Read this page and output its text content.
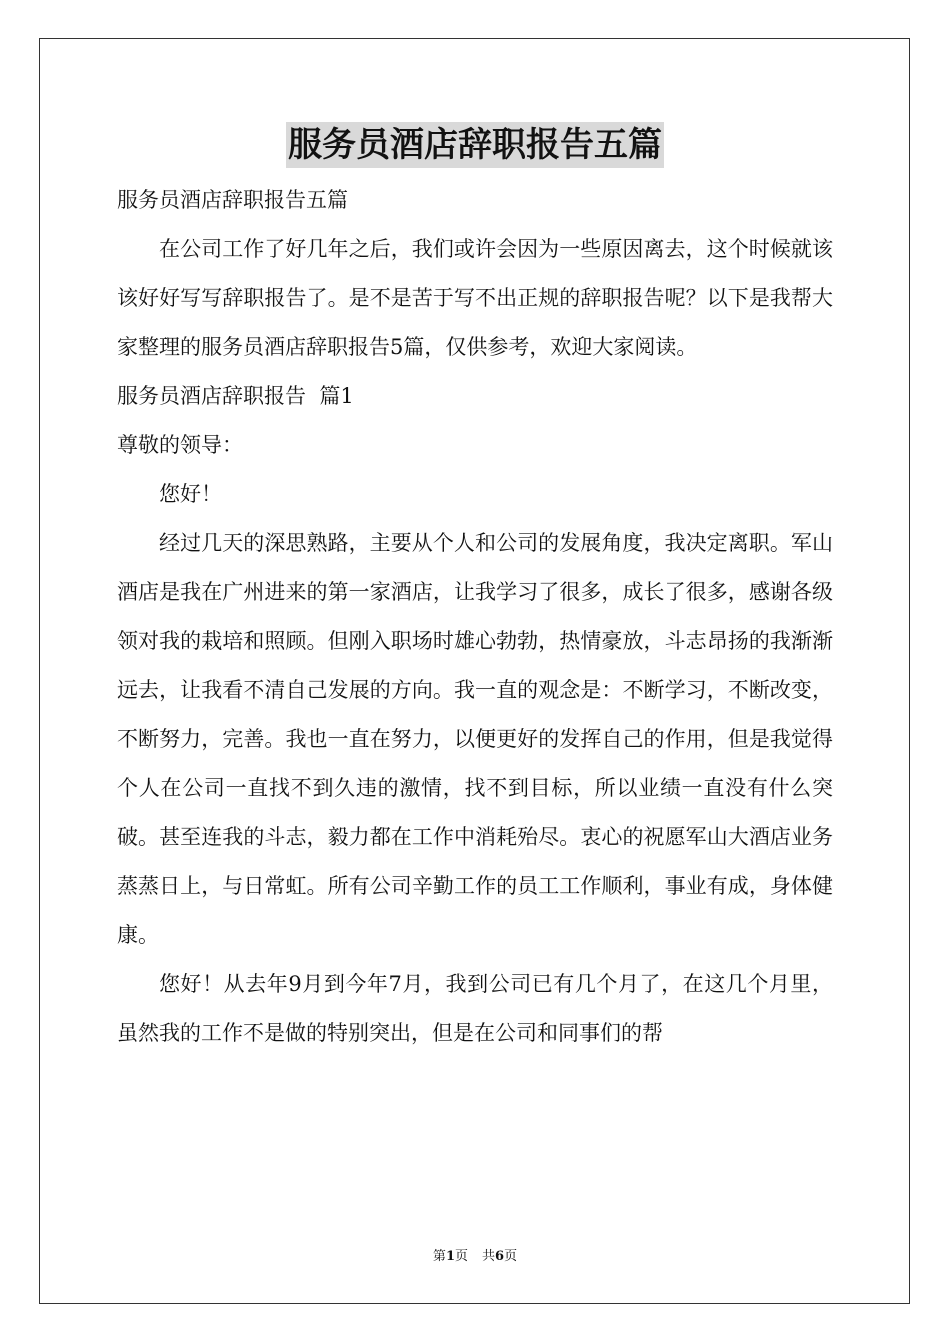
服务员酒店辞职报告五篇

服务员酒店辞职报告五篇

在公司工作了好几年之后，我们或许会因为一些原因离去，这个时候就该该好好写写辞职报告了。是不是苦于写不出正规的辞职报告呢？以下是我帮大家整理的服务员酒店辞职报告5篇，仅供参考，欢迎大家阅读。

服务员酒店辞职报告  篇1

尊敬的领导：

您好！

经过几天的深思熟路，主要从个人和公司的发展角度，我决定离职。军山酒店是我在广州进来的第一家酒店，让我学习了很多，成长了很多，感谢各级领对我的栽培和照顾。但刚入职场时雄心勃勃，热情豪放，斗志昂扬的我渐渐远去，让我看不清自己发展的方向。我一直的观念是：不断学习，不断改变，不断努力，完善。我也一直在努力，以便更好的发挥自己的作用，但是我觉得个人在公司一直找不到久违的激情，找不到目标，所以业绩一直没有什么突破。甚至连我的斗志，毅力都在工作中消耗殆尽。衷心的祝愿军山大酒店业务蒸蒸日上，与日常虹。所有公司辛勤工作的员工工作顺利，事业有成，身体健康。

您好！从去年9月到今年7月，我到公司已有几个月了，在这几个月里，虽然我的工作不是做的特别突出，但是在公司和同事们的帮

第1页 共6页
